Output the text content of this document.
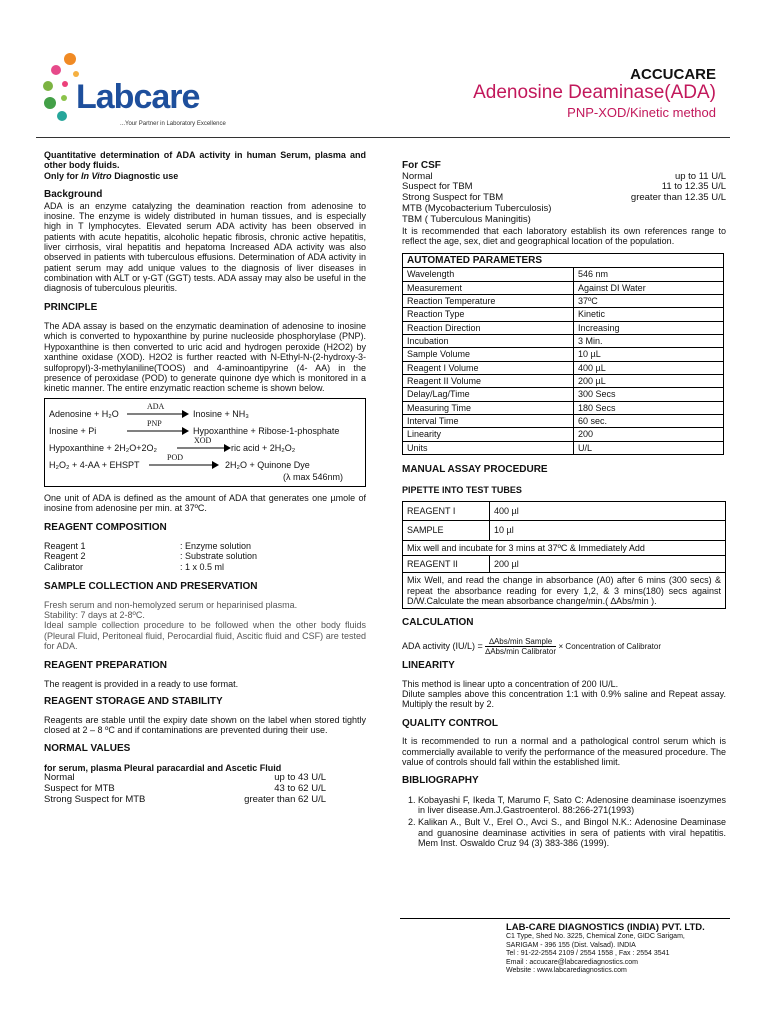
Labcare
...Your Partner in Laboratory Excellence
ACCUCARE
Adenosine Deaminase(ADA)
PNP-XOD/Kinetic method

Quantitative determination of ADA activity in human Serum, plasma and other body fluids.

Only for In Vitro Diagnostic use

Background

ADA is an enzyme catalyzing the deamination reaction from adenosine to inosine. The enzyme is widely distributed in human tissues, and is especially high in T lymphocytes. Elevated serum ADA activity has been observed in patients with acute hepatitis, alcoholic hepatic fibrosis, chronic active hepatitis, liver cirrhosis, viral hepatitis and hepatoma Increased ADA activity was also observed in patients with tuberculous effusions. Determination of ADA activity in patient serum may add unique values to the diagnosis of liver diseases in combination with ALT or γ-GT (GGT) tests. ADA assay may also be useful in the diagnosis of tuberculous pleuritis.

PRINCIPLE

The ADA assay is based on the enzymatic deamination of adenosine to inosine which is converted to hypoxanthine by purine nucleoside phosphorylase (PNP). Hypoxanthine is then converted to uric acid and hydrogen peroxide (H2O2) by xanthine oxidase (XOD). H2O2 is further reacted with N-Ethyl-N-(2-hydroxy-3-sulfopropyl)-3-methylaniline(TOOS) and 4-aminoantipyrine (4- AA) in the presence of peroxidase (POD) to generate quinone dye which is monitored in a kinetic manner. The entire enzymatic reaction scheme is shown below.

Adenosine + H₂O
ADA
Inosine + NH₃
Inosine + Pi
PNP
Hypoxanthine + Ribose-1-phosphate
Hypoxanthine + 2H₂O+2O₂
XOD
ric acid + 2H₂O₂
H₂O₂ + 4-AA + EHSPT
POD
2H₂O + Quinone Dye
(λ max 546nm)

One unit of ADA is defined as the amount of ADA that generates one µmole of inosine from adenosine per min. at 37ºC.

REAGENT COMPOSITION

Reagent 1	: Enzyme solution
Reagent 2	: Substrate solution
Calibrator	: 1 x 0.5 ml

SAMPLE COLLECTION AND PRESERVATION

Fresh serum and non-hemolyzed serum or heparinised plasma.

Stability: 7 days at 2-8ºC.

Ideal sample collection procedure to be followed when the other body fluids (Pleural Fluid, Peritoneal fluid, Perocardial fluid, Ascitic fluid and CSF) are tested for ADA.

REAGENT PREPARATION

The reagent is provided in a ready to use format.

REAGENT STORAGE AND STABILITY

Reagents are stable until the expiry date shown on the label when stored tightly closed at 2 – 8 ºC and if contaminations are prevented during their use.

NORMAL VALUES

for serum, plasma Pleural paracardial and Ascetic Fluid

Normal	up to 43 U/L
Suspect for MTB	43 to 62 U/L
Strong Suspect for MTB	greater than 62 U/L

For CSF

Normal	up to 11 U/L
Suspect for TBM	11 to 12.35 U/L
Strong Suspect for TBM	greater than 12.35 U/L
MTB (Mycobacterium Tuberculosis)
TBM ( Tuberculous Maningitis)

It is recommended that each laboratory establish its own references range to reflect the age, sex, diet and geographical location of the population.

AUTOMATED PARAMETERS	
Wavelength	546 nm
Measurement	Against DI Water
Reaction Temperature	37ºC
Reaction Type	Kinetic
Reaction Direction	Increasing
Incubation	3 Min.
Sample Volume	10 µL
Reagent I Volume	400 µL
Reagent II Volume	200 µL
Delay/Lag/Time	300 Secs
Measuring Time	180 Secs
Interval Time	60 sec.
Linearity	200
Units	U/L

MANUAL ASSAY PROCEDURE

PIPETTE INTO TEST TUBES

REAGENT I	400 µl
SAMPLE	10 µl
Mix well and incubate for 3 mins at 37ºC & Immediately Add	
REAGENT II	200 µl
Mix Well, and read the change in absorbance (A0) after 6 mins (300 secs) & repeat the absorbance reading for every 1,2, & 3 mins(180) secs against D/W.Calculate the mean absorbance change/min.( ∆Abs/min ).	

CALCULATION

ADA activity $(IU/L) = \frac{\text{∆Abs/min Sample}}{\text{∆Abs/min Calibrator}}$ × Concentration of Calibrator

LINEARITY

This method is linear upto a concentration of 200 IU/L.

Dilute samples above this concentration 1:1 with 0.9% saline and Repeat assay. Multiply the result by 2.

QUALITY CONTROL

It is recommended to run a normal and a pathological control serum which is commercially available to verify the performance of the measured procedure. The value of controls should fall within the established limit.

BIBLIOGRAPHY

1. Kobayashi F, Ikeda T, Marumo F, Sato C: Adenosine deaminase isoenzymes in liver disease.Am.J.Gastroenterol. 88:266-271(1993)
2. Kalikan A., Bult V., Erel O., Avci S., and Bingol N.K.: Adenosine Deaminase and guanosine deaminase activities in sera of patients with viral hepatitis. Mem Inst. Oswaldo Cruz 94 (3) 383-386 (1999).
LAB-CARE DIAGNOSTICS (INDIA) PVT. LTD.
C1 Type, Shed No. 3225, Chemical Zone, GIDC Sarigam,
SARIGAM - 396 155 (Dist. Valsad). INDIA
Tel : 91-22-2554 2109 / 2554 1558 , Fax : 2554 3541
Email : accucare@labcarediagnostics.com
Website : www.labcarediagnostics.com
